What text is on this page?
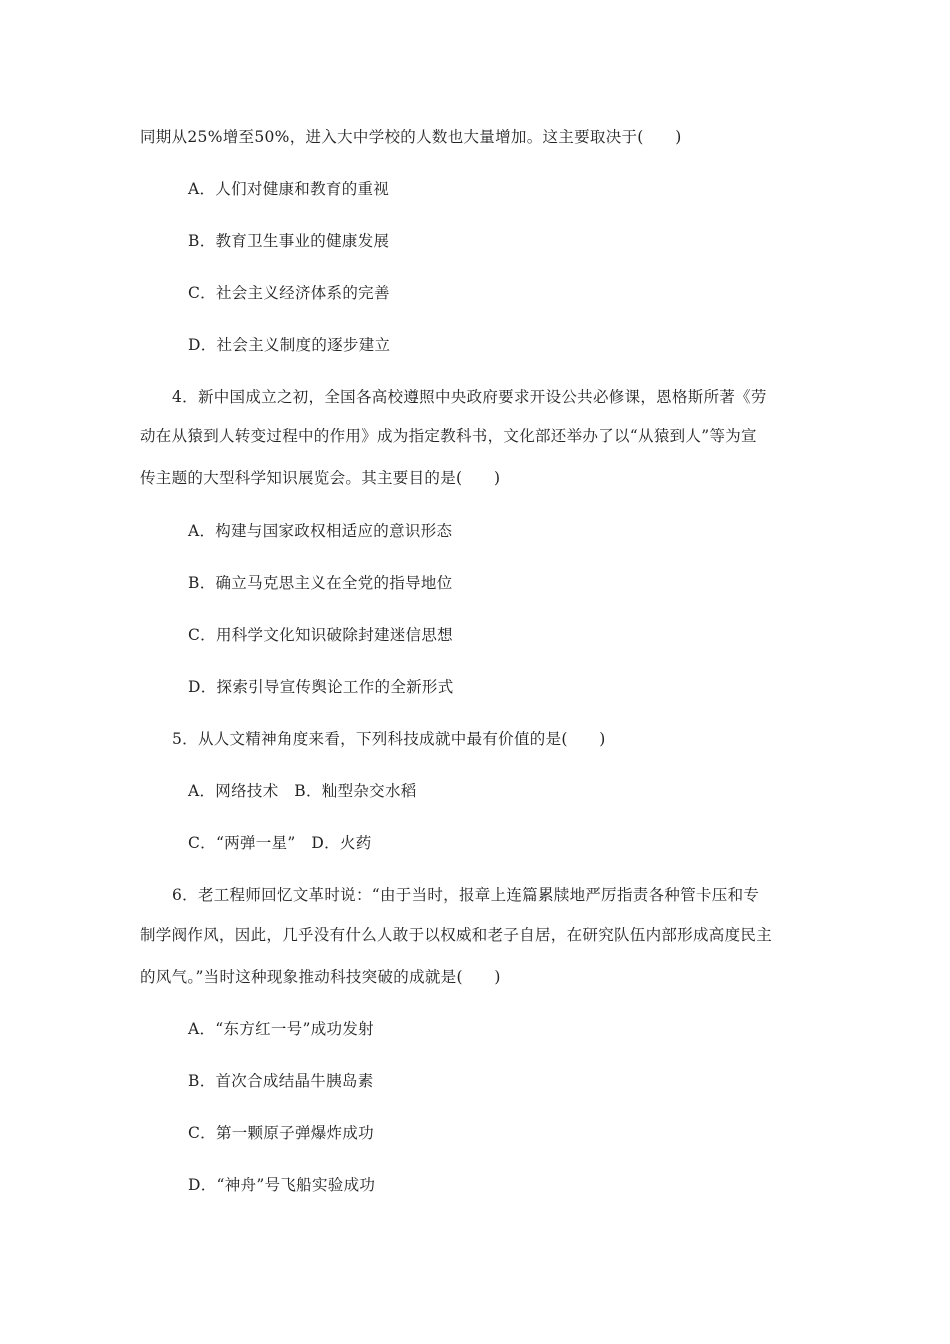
同期从25%增至50%，进入大中学校的人数也大量增加。这主要取决于(　　)
A．人们对健康和教育的重视
B．教育卫生事业的健康发展
C．社会主义经济体系的完善
D．社会主义制度的逐步建立
4．新中国成立之初，全国各高校遵照中央政府要求开设公共必修课，恩格斯所著《劳
动在从猿到人转变过程中的作用》成为指定教科书，文化部还举办了以“从猿到人”等为宣
传主题的大型科学知识展览会。其主要目的是(　　)
A．构建与国家政权相适应的意识形态
B．确立马克思主义在全党的指导地位
C．用科学文化知识破除封建迷信思想
D．探索引导宣传舆论工作的全新形式
5．从人文精神角度来看，下列科技成就中最有价值的是(　　)
A．网络技术　B．籼型杂交水稻
C．“两弹一星”　D．火药
6．老工程师回忆文革时说：“由于当时，报章上连篇累牍地严厉指责各种管卡压和专
制学阀作风，因此，几乎没有什么人敢于以权威和老子自居，在研究队伍内部形成高度民主
的风气。”当时这种现象推动科技突破的成就是(　　)
A．“东方红一号”成功发射
B．首次合成结晶牛胰岛素
C．第一颗原子弹爆炸成功
D．“神舟”号飞船实验成功
